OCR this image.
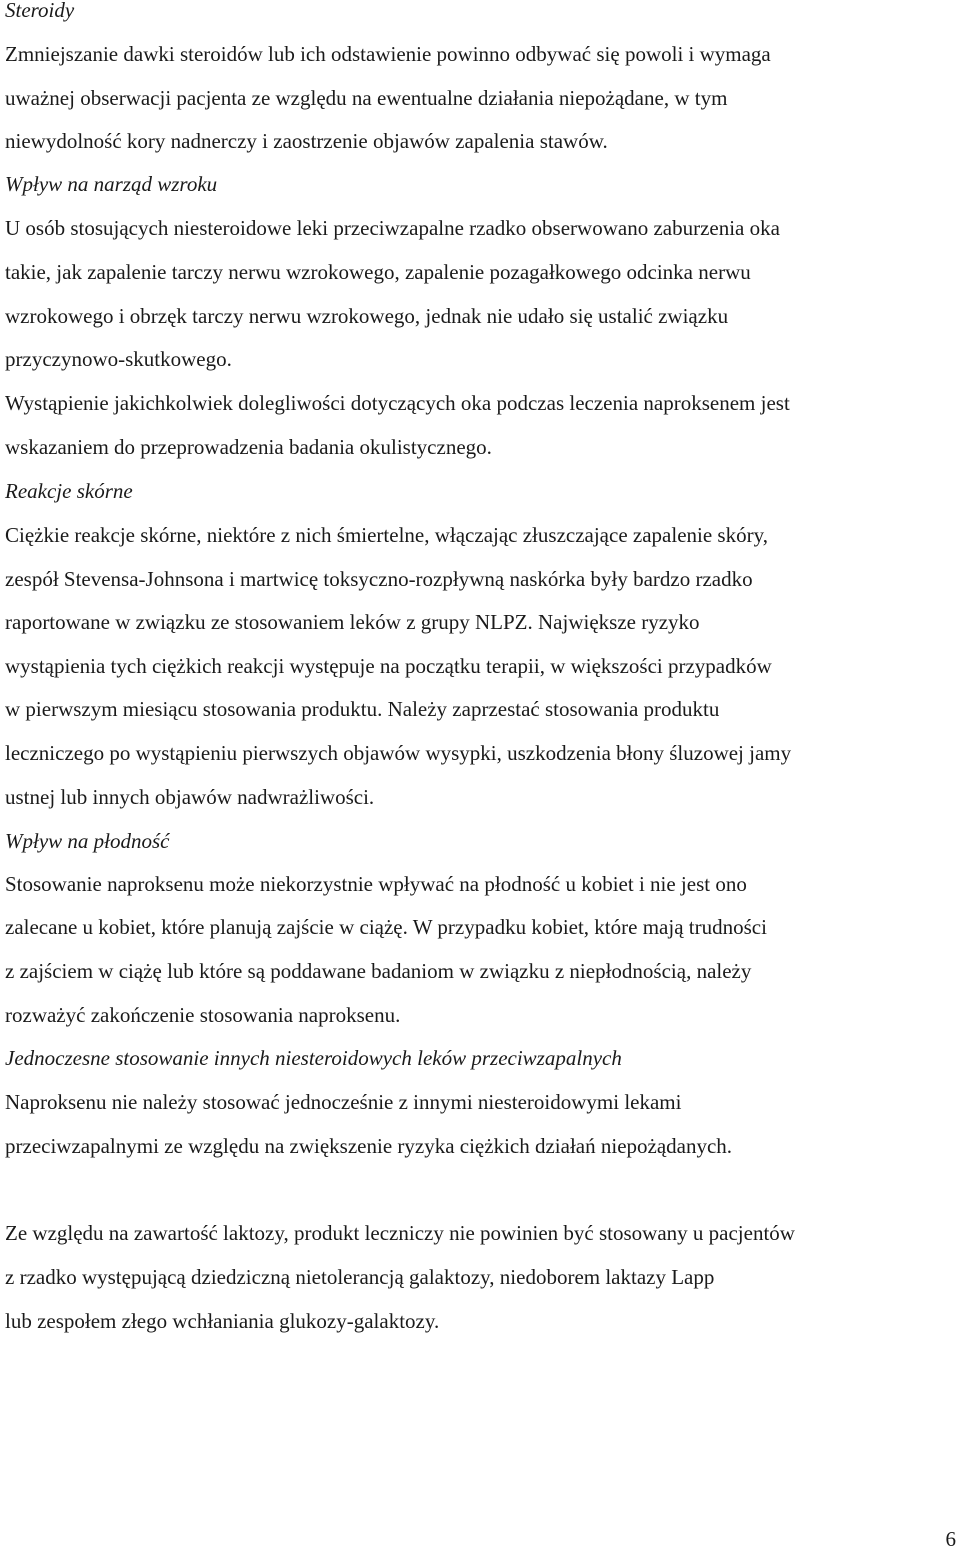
Steroidy
Zmniejszanie dawki steroidów lub ich odstawienie powinno odbywać się powoli i wymaga
uważnej obserwacji pacjenta ze względu na ewentualne działania niepożądane, w tym
niewydolność kory nadnerczy i zaostrzenie objawów zapalenia stawów.
Wpływ na narząd wzroku
U osób stosujących niesteroidowe leki przeciwzapalne rzadko obserwowano zaburzenia oka
takie, jak zapalenie tarczy nerwu wzrokowego, zapalenie pozagałkowego odcinka nerwu
wzrokowego i obrzęk tarczy nerwu wzrokowego, jednak nie udało się ustalić związku
przyczynowo-skutkowego.
Wystąpienie jakichkolwiek dolegliwości dotyczących oka podczas leczenia naproksenem jest
wskazaniem do przeprowadzenia badania okulistycznego.
Reakcje skórne
Ciężkie reakcje skórne, niektóre z nich śmiertelne, włączając złuszczające zapalenie skóry,
zespół Stevensa-Johnsona i martwicę toksyczno-rozpływną naskórka były bardzo rzadko
raportowane w związku ze stosowaniem leków z grupy NLPZ. Największe ryzyko
wystąpienia tych ciężkich reakcji występuje na początku terapii, w większości przypadków
w pierwszym miesiącu stosowania produktu. Należy zaprzestać stosowania produktu
leczniczego po wystąpieniu pierwszych objawów wysypki, uszkodzenia błony śluzowej jamy
ustnej lub innych objawów nadwrażliwości.
Wpływ na płodność
Stosowanie naproksenu może niekorzystnie wpływać na płodność u kobiet i nie jest ono
zalecane u kobiet, które planują zajście w ciążę. W przypadku kobiet, które mają trudności
z zajściem w ciążę lub które są poddawane badaniom w związku z niepłodnością, należy
rozważyć zakończenie stosowania naproksenu.
Jednoczesne stosowanie innych niesteroidowych leków przeciwzapalnych
Naproksenu nie należy stosować jednocześnie z innymi niesteroidowymi lekami
przeciwzapalnymi ze względu na zwiększenie ryzyka ciężkich działań niepożądanych.
Ze względu na zawartość laktozy, produkt leczniczy nie powinien być stosowany u pacjentów
z rzadko występującą dziedziczną nietolerancją galaktozy, niedoborem laktazy Lapp
lub zespołem złego wchłaniania glukozy-galaktozy.
6
